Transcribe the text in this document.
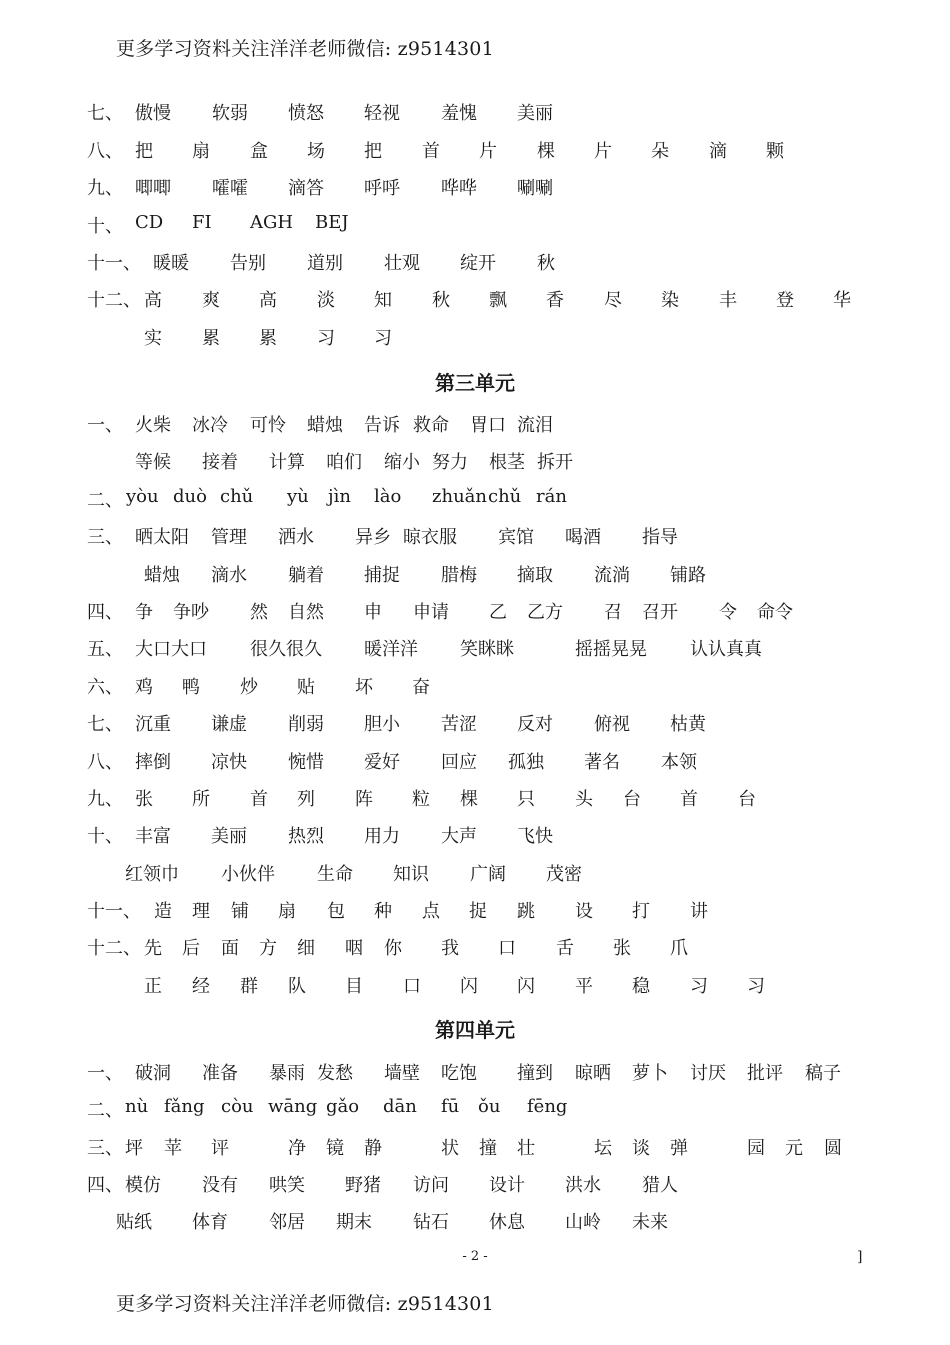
更多学习资料关注洋洋老师微信: z9514301
七、 傲慢 软弱 愤怒 轻视 羞愧 美丽
八、 把 扇 盒 场 把 首 片 棵 片 朵 滴 颗
九、 唧唧 嚯嚯 滴答 呼呼 哗哗 唰唰
十、 CD FI AGH BEJ
十一、 暖暖 告别 道别 壮观 绽开 秋
十二、 高 爽 高 淡 知 秋 飘 香 尽 染 丰 登 华
实 累 累 习 习
第三单元
一、 火柴 冰冷 可怜 蜡烛 告诉 救命 胃口 流泪
等候 接着 计算 咱们 缩小 努力 根茎 拆开
二、 yòu duò chǔ yù jìn lào zhuǎn chǔ rán
三、 晒太阳 管理 洒水 异乡 晾衣服 宾馆 喝酒 指导
蜡烛 滴水 躺着 捕捉 腊梅 摘取 流淌 铺路
四、 争 争吵 然 自然 申 申请 乙 乙方 召 召开 令 命令
五、 大口大口 很久很久 暖洋洋 笑眯眯	摇摇晃晃 认认真真
六、 鸡 鸭 炒 贴 坏 奋
七、 沉重 谦虚 削弱 胆小 苦涩 反对 俯视 枯黄
八、 摔倒 凉快 惋惜 爱好 回应 孤独 著名 本领
九、 张 所 首 列 阵 粒 棵 只 头 台 首 台
十、 丰富 美丽 热烈 用力 大声 飞快
红领巾 小伙伴 生命 知识 广阔 茂密
十一、 造 理 铺 扇 包 种 点 捉 跳 设 打 讲
十二、 先 后 面 方 细 咽 你 我 口 舌 张 爪
正 经 群 队 目 口 闪 闪 平 稳 习 习
第四单元
一、 破洞 准备 暴雨 发愁 墙壁 吃饱 撞到 晾晒 萝卜 讨厌 批评 稿子
二、 nù fǎng còu wāng gǎo dān fū ǒu fēng
三、 坪 苹 评	净 镜 静	状 撞 壮	坛 谈 弹	园 元 圆
四、 模仿 没有 哄笑 野猪 访问 设计 洪水 猎人
贴纸 体育 邻居 期末 钻石 休息 山岭 未来
- 2 -	]
更多学习资料关注洋洋老师微信: z9514301
